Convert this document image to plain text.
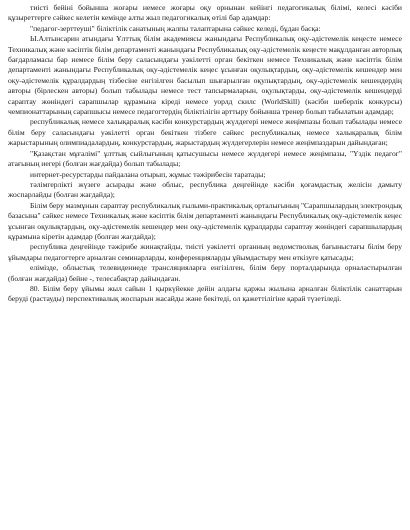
тиісті бейіні бойынша жоғары немесе жоғары оқу орнынан кейінгі педагогикалық білімі, келесі кәсіби құзыреттерге сәйкес келетін кемінде алты жыл педагогикалық өтілі бар адамдар:

"педагог-зерттеуші" біліктілік санатының жалпы талаптарына сәйкес келеді, бұдан басқа:

Ы.Алтынсарин атындағы Ұлттық білім академиясы жанындағы Республикалық оқу-әдістемелік кеңесте немесе Техникалық және кәсіптік білім департаменті жанындағы Республикалық оқу-әдістемелік кеңесте мақұлданған авторлық бағдарламасы бар немесе білім беру саласындағы уәкілетті орган бекіткен немесе Техникалық және кәсіптік білім департаменті жанындағы Республикалық оқу-әдістемелік кеңес ұсынған оқулықтардың, оқу-әдістемелік кешендер мен оқу-әдістемелік құралдардың тізбесіне енгізілген басылып шығарылған оқулықтардың, оқу-әдістемелік кешендердің авторы (бірлескен авторы) болып табылады немесе тест тапсырмаларын, оқулықтарды, оқу-әдістемелік кешендерді сараптау жөніндегі сарапшылар құрамына кіреді немесе уорлд скилс (WorldSkill) (кәсіби шеберлік конкурсы) чемпионаттарының сарапшысы немесе педагогтердің біліктілігін арттыру бойынша тренер болып табылатын адамдар;

республикалық немесе халықаралық кәсіби конкурстардың жүлдегері немесе жеңімпазы болып табылады немесе білім беру саласындағы уәкілетті орган бекіткен тізбеге сәйкес республикалық немесе халықаралық білім жарыстарының олимпиадалардың, конкурстардың, жарыстардың жүлдегерлерін немесе жеңімпаздарын дайындаған;

"Қазақстан мұғалімі" ұлттық сыйлығының қатысушысы немесе жүлдегері немесе жеңімпазы, "Үздік педагог" атағының иегері (болған жағдайда) болып табылады;

интернет-ресурстарды пайдалана отырып, жұмыс тәжірибесін таратады;

тәлімгерлікті жүзеге асырады және облыс, республика деңгейінде кәсіби қоғамдастық желісін дамыту жоспарлайды (болған жағдайда);

Білім беру мазмұнын сараптау республикалық ғылыми-практикалық орталығының "Сарапшылардың электрондық базасына" сәйкес немесе Техникалық және кәсіптік білім департаменті жанындағы Республикалық оқу-әдістемелік кеңес ұсынған оқулықтардың, оқу-әдістемелік кешендер мен оқу-әдістемелік құралдарды сараптау жөніндегі сарапшылардың құрамына кіретін адамдар (болған жағдайда);

республика деңгейінде тәжірибе жинақтайды, тиісті уәкілетті органның ведомстволық бағыныстағы білім беру ұйымдары педагогтерге арналған семинарларды, конференцияларды ұйымдастыру мен өткізуге қатысады;

елімізде, облыстық телевидениеде трансляцияларға енгізілген, білім беру порталдарында орналастырылған (болған жағдайда) бейне -, телесабақтар дайындаған.

80. Білім беру ұйымы жыл сайын 1 қыркүйекке дейін алдағы қаржы жылына арналған біліктілік санаттарын беруді (растауды) перспективалық жоспарын жасайды және бекітеді, ол қажеттілігіне қарай түзетіледі.
